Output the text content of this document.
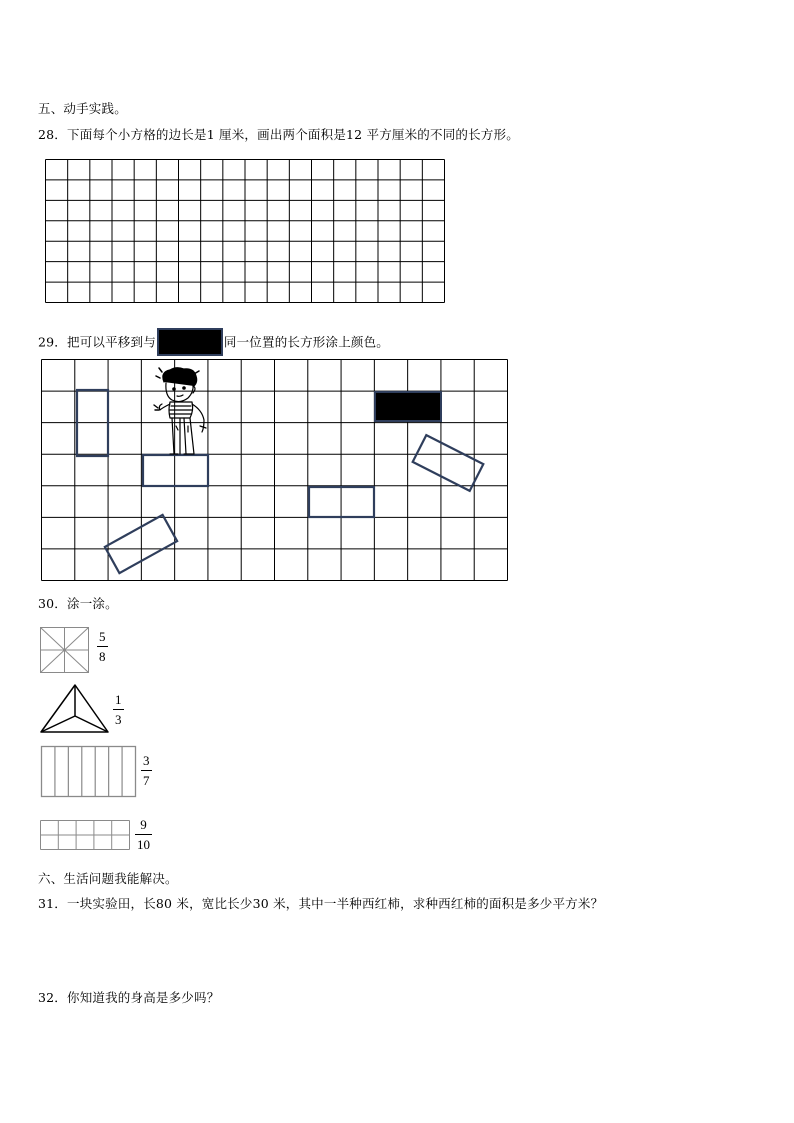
五、动手实践。
28．下面每个小方格的边长是1 厘米，画出两个面积是12 平方厘米的不同的长方形。
29．把可以平移到与	同一位置的长方形涂上颜色。
30．涂一涂。
5
8
1
3
3
7
9
10
六、生活问题我能解决。
31．一块实验田，长80 米，宽比长少30 米，其中一半种西红柿，求种西红柿的面积是多少平方米？
32．你知道我的身高是多少吗？
